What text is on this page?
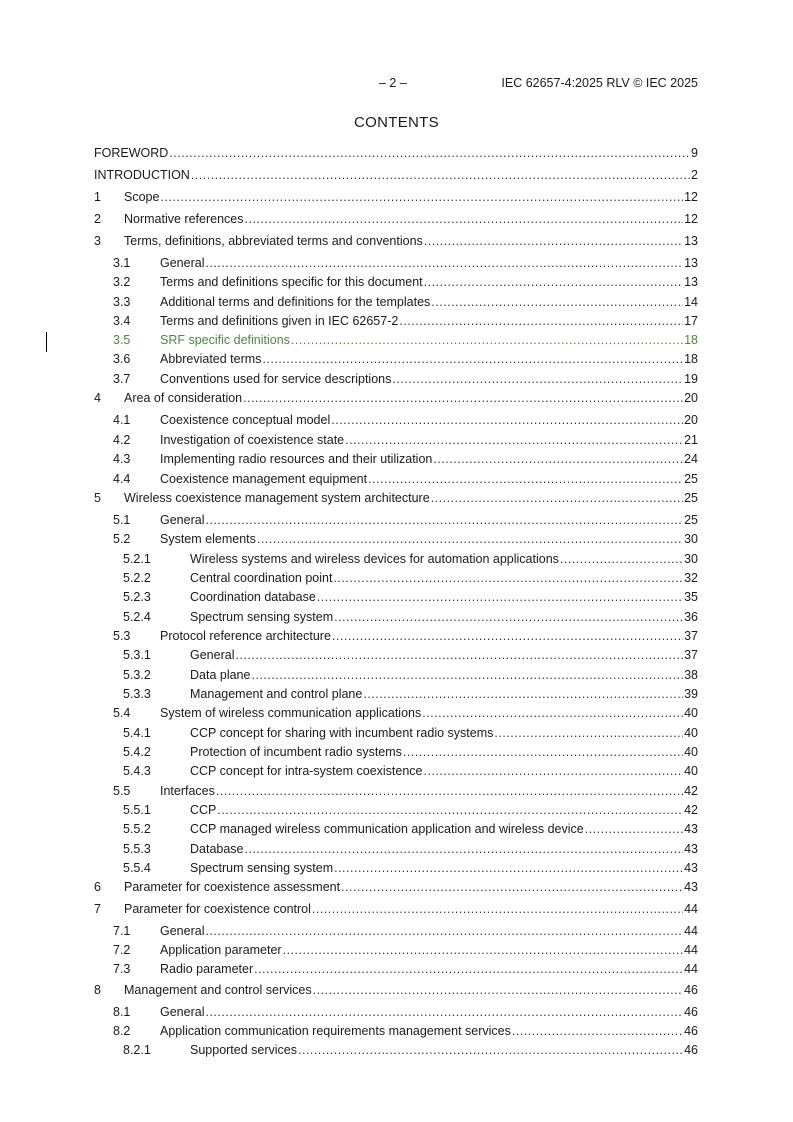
– 2 –	IEC 62657-4:2025 RLV © IEC 2025
CONTENTS
FOREWORD .....	9
INTRODUCTION .....	2
1 Scope .....	12
2 Normative references .....	12
3 Terms, definitions, abbreviated terms and conventions .....	13
3.1 General .....	13
3.2 Terms and definitions specific for this document .....	13
3.3 Additional terms and definitions for the templates .....	14
3.4 Terms and definitions given in IEC 62657-2 .....	17
3.5 SRF specific definitions .....	18
3.6 Abbreviated terms .....	18
3.7 Conventions used for service descriptions .....	19
4 Area of consideration .....	20
4.1 Coexistence conceptual model .....	20
4.2 Investigation of coexistence state .....	21
4.3 Implementing radio resources and their utilization .....	24
4.4 Coexistence management equipment .....	25
5 Wireless coexistence management system architecture .....	25
5.1 General .....	25
5.2 System elements .....	30
5.2.1	Wireless systems and wireless devices for automation applications .....	30
5.2.2	Central coordination point .....	32
5.2.3	Coordination database .....	35
5.2.4	Spectrum sensing system .....	36
5.3 Protocol reference architecture .....	37
5.3.1	General .....	37
5.3.2	Data plane .....	38
5.3.3	Management and control plane .....	39
5.4 System of wireless communication applications .....	40
5.4.1	CCP concept for sharing with incumbent radio systems .....	40
5.4.2	Protection of incumbent radio systems .....	40
5.4.3	CCP concept for intra-system coexistence .....	40
5.5 Interfaces .....	42
5.5.1	CCP .....	42
5.5.2	CCP managed wireless communication application and wireless device .....	43
5.5.3	Database .....	43
5.5.4	Spectrum sensing system .....	43
6 Parameter for coexistence assessment .....	43
7 Parameter for coexistence control .....	44
7.1 General .....	44
7.2 Application parameter .....	44
7.3 Radio parameter .....	44
8 Management and control services .....	46
8.1 General .....	46
8.2 Application communication requirements management services .....	46
8.2.1	Supported services .....	46
